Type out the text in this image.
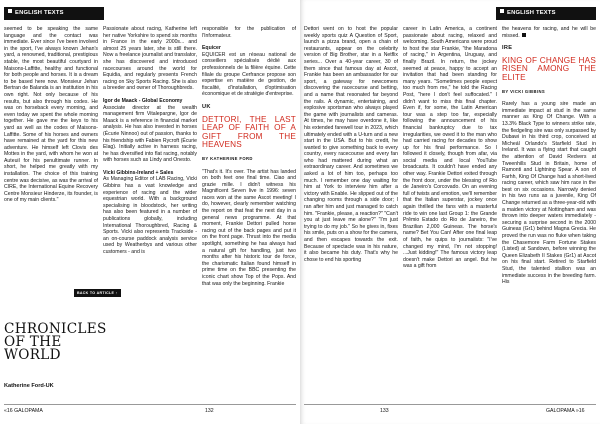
ENGLISH TEXTS

seemed to be speaking the same language and the contact was immediate. Ever since I've been involved in the sport, I've always known Jehan's yard, a renowned, traditional, prestigious stable, the most beautiful courtyard in Maisons-Laffitte, healthy and functional for both people and horses. It is a dream to be based here now. Monsieur Jehan Bertran de Balanda is an institution in his own right. Not only because of his results, but also through his codes. He was on horseback every morning, and even today we spent the whole morning together. He gave me the keys to his yard as well as the codes of Maisons-Laffitte. Some of his horses and owners have remained at the yard for this new adventure. He himself left Clovis des Mottes in the yard, with whom he won at Auteuil for his penultimate runner. In short, he helped me greatly with my installation. The choice of this training centre was decisive, as was the arrival of CIRE, the International Equine Recovery Centre Monsieur Hinderze, its founder, is one of my main clients."

BACK TO ARTICLE ↑
CHRONICLES OF THE WORLD
Katherine Ford-UK

Passionate about racing, Katherine left her native Yorkshire to spend six months in France in the early 2000s... and almost 25 years later, she is still there. Now a freelance journalist and translator, she has discovered and introduced racecourses around the world for Equidia, and regularly presents French racing on Sky Sports Racing. She is also a breeder and owner of Thoroughbreds.

Igor de Maack - Global Economy

Associate director at the wealth management firm Vitalepargne, Igor de Maack is a reference in financial market analysis. He has also invested in horses (Écurie Ninnoo) out of passion, thanks to his friendship with Fabien Rycroft (Écurie Elag). Initially active in harness racing, he has diversified into flat racing, notably with horses such as Lindy and Onesto.

Vicki Gibbins-Ireland + Sales

As Managing Editor of LAB Racing, Vicki Gibbins has a vast knowledge and experience of racing and the wider equestrian world. With a background specialising in bloodstock, her writing has also been featured in a number of publications globally, including International Thoroughbred, Racing & Sports. Vicki also represents Trackside - an on-course paddock analysis service used by Weatherbys and various other customers - and is

responsible for the publication of l'Informateur.

Equicer

EQUICER est un réseau national de conseillers spécialisés dédié aux professionnels de la filière équine. Cette filiale du groupe Cerfrance propose son expertise en matière de gestion, de fiscalité, d'installation, d'optimisation économique et de stratégie d'entreprise.

UK
DETTORI, THE LAST LEAP OF FAITH OF A GIFT FROM THE HEAVENS
BY KATHERINE FORD

"That's it. It's over. The artist has landed on both feet one final time. Ciao and grazie mille. I didn't witness his Magnificent Seven live in 1996: seven races won at the same Ascot meeting! I do, however, clearly remember watching the report on that feat the next day in a general news programme. At that moment, Frankie Dettori pulled horse racing out of the back pages and put it on the front page. Thrust into the media spotlight, something he has always had a natural gift for handling, just two months after his historic tour de force, the charismatic Italian found himself in prime time on the BBC presenting the iconic chart show Top of the Pops. And that was only the beginning. Frankie

«16 GALOPAMA	132
ENGLISH TEXTS

Dettori went on to host the popular weekly sports quiz A Question of Sport, launch a pizza brand, open a chain of restaurants, appear on the celebrity version of Big Brother, star in a Netflix series... Over a 40-year career, 30 of them since that famous day at Ascot, Frankie has been an ambassador for our sport, a gateway for newcomers discovering the racecourse and betting, and a name that resonated far beyond the rails. A dynamic, entertaining, and explosive sportsman who always played the game with journalists and cameras. At times, he may have overdone it, like his extended farewell tour in 2023, which ultimately ended with a U-turn and a new start in the USA. But to his credit, he wanted to give something back to every country, every racecourse and every fan who had mattered during what an extraordinary career. And sometimes we asked a lot of him too, perhaps too much. I remember one day waiting for him at York to interview him after a victory with Enable. He slipped out of the changing rooms through a side door; I ran after him and just managed to catch him. "Frankie, please, a reaction?" "Can't you at just leave me alone?" "I'm just trying to do my job." So he gives in, fixes his smile, puts on a show for the camera, and then escapes towards the exit. Because of spectacle was in his nature, it also became his duty. That's why he chose to end his sporting

career in Latin America, a continent passionate about racing, relaxed and welcoming. South Americans were proud to host the star Frankie, "the Maradona of racing," in Argentina, Uruguay, and finally Brazil. In return, the jockey seemed at peace, happy to accept an invitation that had been standing for many years. "Sometimes people expect too much from me," he told the Racing Post, "here I don't feel suffocated." I didn't want to miss this final chapter. Even if, for some, the Latin American tour was a step too far, especially following the announcement of his financial bankruptcy due to tax irregularities, we owed it to the man who had carried racing for decades to show up for his final performance. So I followed it closely, though from afar, via social media and local YouTube broadcasts. It couldn't have ended any other way. Frankie Dettori exited through the front door, under the blessing of Rio de Janeiro's Corcovado. On an evening full of twists and emotion, we'll remember that the Italian superstar, jockey once again thrilled the fans with a masterful ride to win one last Group 1: the Grande Prêmio Estado do Rio de Janeiro, the Brazilian 2,000 Guineas. The horse's name? Bet You Can! After one final leap of faith, he quips to journalists: "I've changed my mind, I'm not stopping! ...Just kidding!" The famous victory leap doesn't make Dettori an angel. But he was a gift from

the heavens for racing, and he will be missed.

IRE
KING OF CHANGE HAS RISEN AMONG THE ELITE
BY VICKI GIBBINS

Rarely has a young sire made an immediate impact at stud in the same manner as King Of Change. With a 13.3% Black Type to winners strike rate, the fledgeling sire was only surpassed by Dubawi in his third crop, conceived at Micheál Orlando's Starfield Stud in Ireland. It was a flying start that caught the attention of David Redvers at Tweenhills Stud in Britain, home of Ramonti and Lightning Spear. A son of Farhh, King Of Change had a short-lived racing career, which saw him race in the best on six occasions. Narrowly denied in his two runs as a juvenile, King Of Change returned as a three-year-old with a maiden victory at Nottingham and was thrown into deeper waters immediately - securing a surprise second in the 2000 Guineas (Gr1) behind Magna Grecia. He proved the run was no fluke when taking the Chasemore Farm Fortune Stakes (Listed) at Sandown, before winning the Queen Elizabeth II Stakes (Gr1) at Ascot on his final start. Retired to Starfield Stud, the talented stallion was an immediate success in the breeding farm. His

133	GALOPAMA »16
